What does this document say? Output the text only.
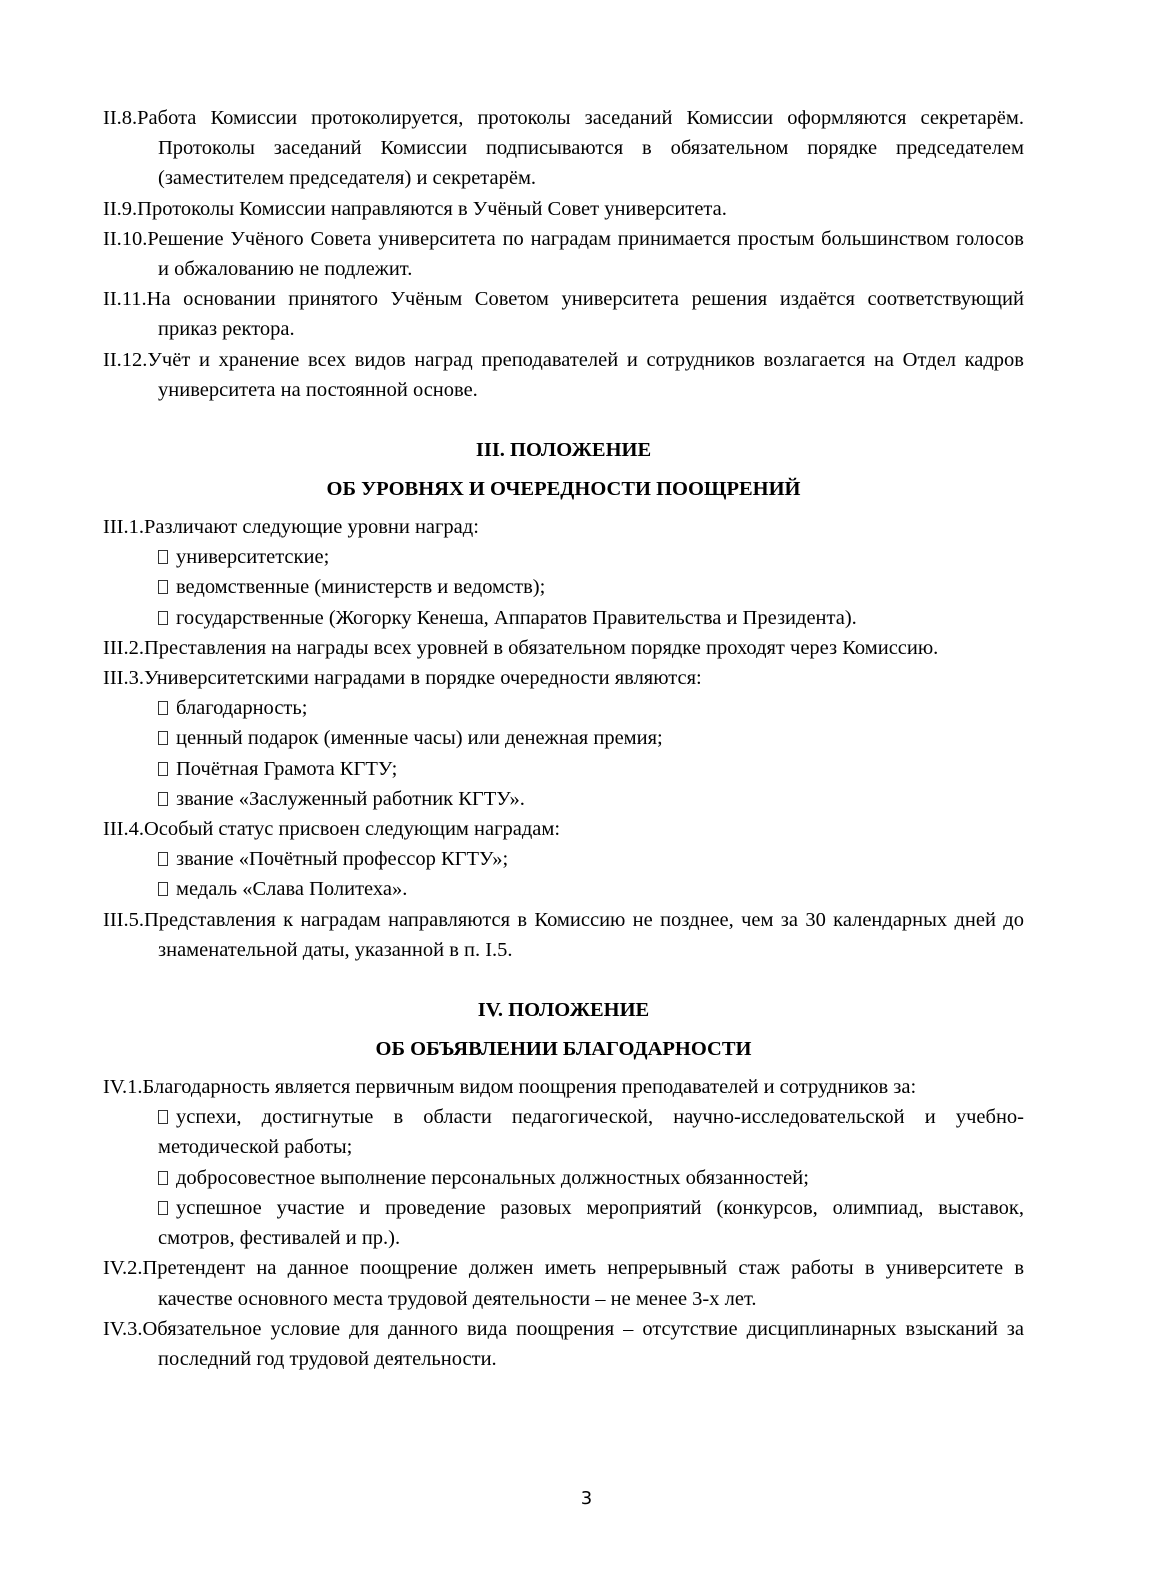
II.8.Работа Комиссии протоколируется, протоколы заседаний Комиссии оформляются секретарём. Протоколы заседаний Комиссии подписываются в обязательном порядке председателем (заместителем председателя) и секретарём.
II.9.Протоколы Комиссии направляются в Учёный Совет университета.
II.10.Решение Учёного Совета университета по наградам принимается простым большинством голосов и обжалованию не подлежит.
II.11.На основании принятого Учёным Советом университета решения издаётся соответствующий приказ ректора.
II.12.Учёт и хранение всех видов наград преподавателей и сотрудников возлагается на Отдел кадров университета на постоянной основе.

III. ПОЛОЖЕНИЕ

ОБ УРОВНЯХ И ОЧЕРЕДНОСТИ ПООЩРЕНИЙ

III.1.Различают следующие уровни наград:
университетские;
ведомственные (министерств и ведомств);
государственные (Жогорку Кенеша, Аппаратов Правительства и Президента).
III.2.Преставления на награды всех уровней в обязательном порядке проходят через Комиссию.
III.3.Университетскими наградами в порядке очередности являются:
благодарность;
ценный подарок (именные часы) или денежная премия;
Почётная Грамота КГТУ;
звание «Заслуженный работник КГТУ».
III.4.Особый статус присвоен следующим наградам:
звание «Почётный профессор КГТУ»;
медаль «Слава Политеха».
III.5.Представления к наградам направляются в Комиссию не позднее, чем за 30 календарных дней до знаменательной даты, указанной в п. I.5.

IV. ПОЛОЖЕНИЕ

ОБ ОБЪЯВЛЕНИИ БЛАГОДАРНОСТИ

IV.1.Благодарность является первичным видом поощрения преподавателей и сотрудников за:
успехи, достигнутые в области педагогической, научно-исследовательской и учебно-методической работы;
добросовестное выполнение персональных должностных обязанностей;
успешное участие и проведение разовых мероприятий (конкурсов, олимпиад, выставок, смотров, фестивалей и пр.).
IV.2.Претендент на данное поощрение должен иметь непрерывный стаж работы в университете в качестве основного места трудовой деятельности – не менее 3-х лет.
IV.3.Обязательное условие для данного вида поощрения – отсутствие дисциплинарных взысканий за последний год трудовой деятельности.
3
